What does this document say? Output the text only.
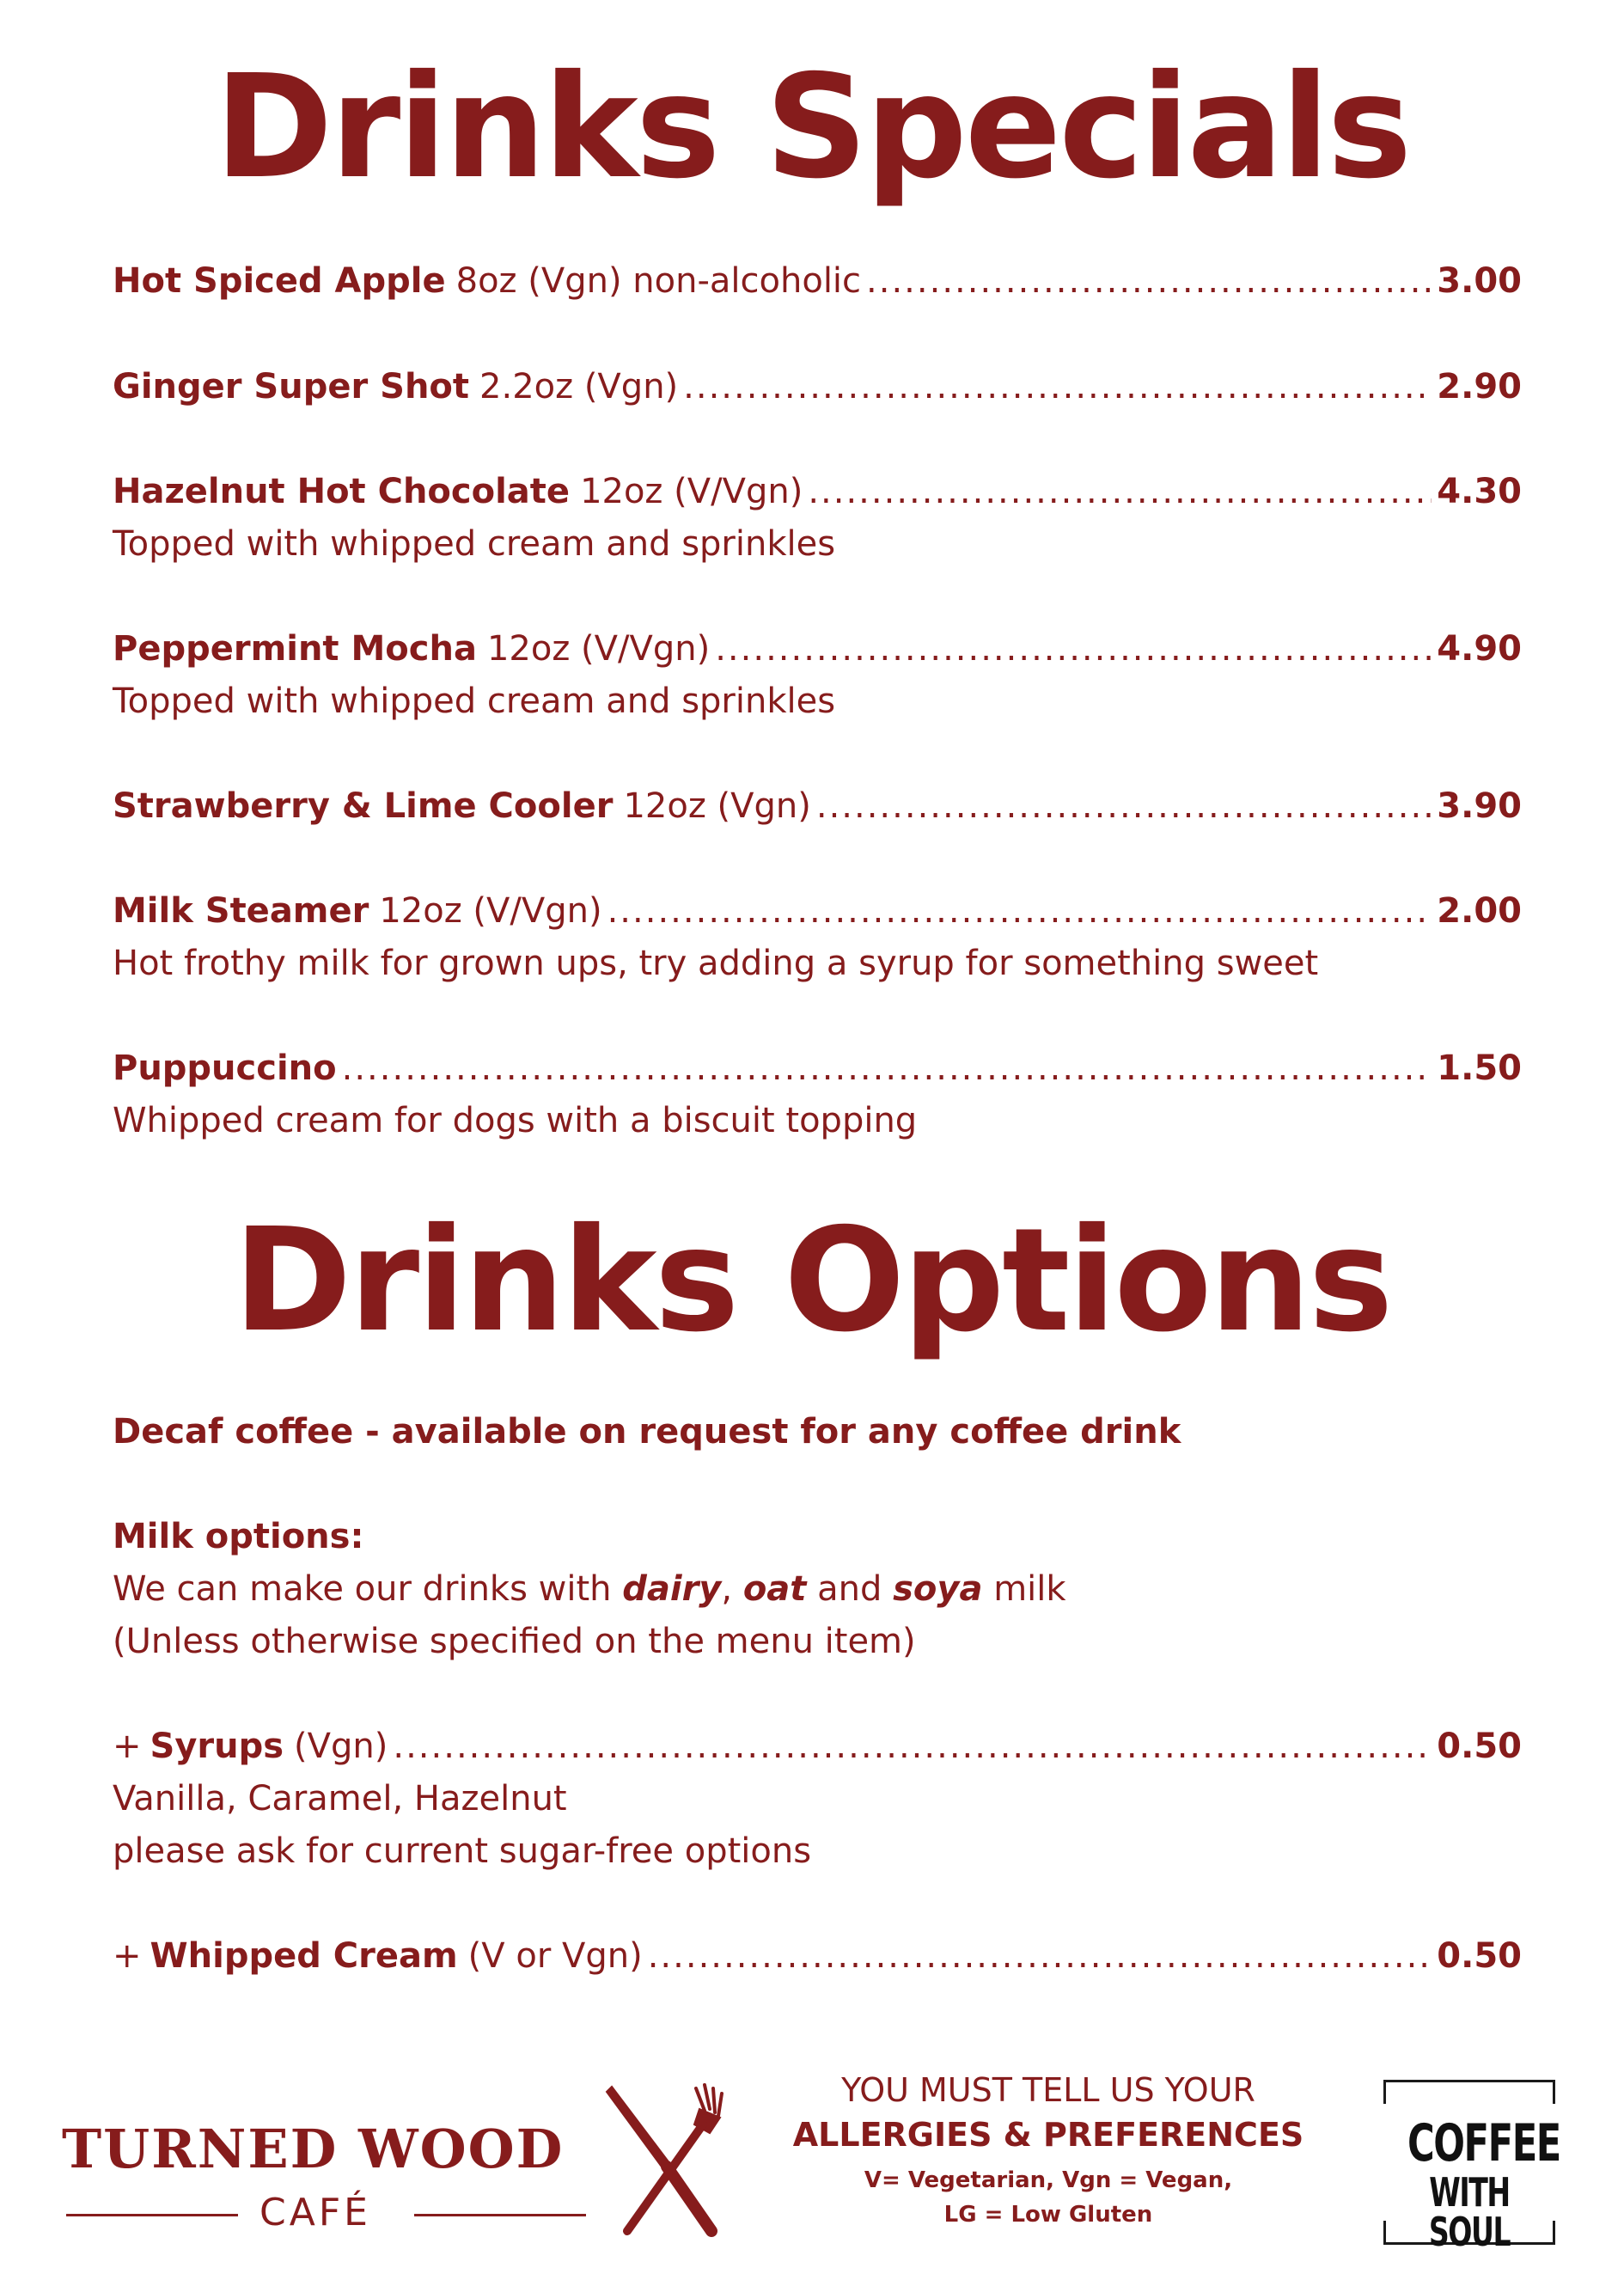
Drinks Specials
Hot Spiced Apple 8oz (Vgn) non-alcoholic .....	3.00
Ginger Super Shot 2.2oz (Vgn) .....	2.90
Hazelnut Hot Chocolate 12oz (V/Vgn) .....	4.30
Topped with whipped cream and sprinkles
Peppermint Mocha 12oz (V/Vgn) .....	4.90
Topped with whipped cream and sprinkles
Strawberry & Lime Cooler 12oz (Vgn) .....	3.90
Milk Steamer 12oz (V/Vgn) .....	2.00
Hot frothy milk for grown ups, try adding a syrup for something sweet
Puppuccino .....	1.50
Whipped cream for dogs with a biscuit topping
Drinks Options
Decaf coffee - available on request for any coffee drink
Milk options:
We can make our drinks with dairy, oat and soya milk
(Unless otherwise specified on the menu item)
+ Syrups (Vgn) .....	0.50
Vanilla, Caramel, Hazelnut
please ask for current sugar-free options
+ Whipped Cream (V or Vgn) .....	0.50
TURNED WOOD
CAFÉ
YOU MUST TELL US YOUR
ALLERGIES & PREFERENCES
V= Vegetarian, Vgn = Vegan,
LG = Low Gluten
COFFEE
WITH SOUL
